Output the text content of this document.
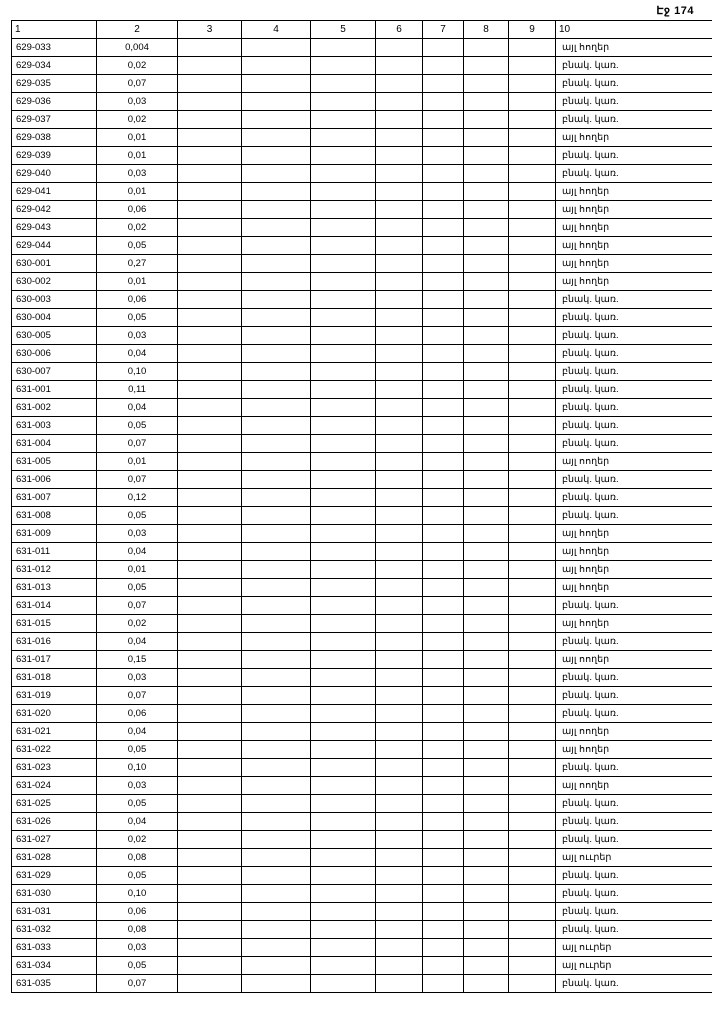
Էջ 174
1	2	3	4	5	6	7	8	9	10
629-033	0,004								այլ հողեր
629-034	0,02								բնակ. կառ.
629-035	0,07								բնակ. կառ.
629-036	0,03								բնակ. կառ.
629-037	0,02								բնակ. կառ.
629-038	0,01								այլ հողեր
629-039	0,01								բնակ. կառ.
629-040	0,03								բնակ. կառ.
629-041	0,01								այլ հողեր
629-042	0,06								այլ հողեր
629-043	0,02								այլ հողեր
629-044	0,05								այլ հողեր
630-001	0,27								այլ հողեր
630-002	0,01								այլ հողեր
630-003	0,06								բնակ. կառ.
630-004	0,05								բնակ. կառ.
630-005	0,03								բնակ. կառ.
630-006	0,04								բնակ. կառ.
630-007	0,10								բնակ. կառ.
631-001	0,11								բնակ. կառ.
631-002	0,04								բնակ. կառ.
631-003	0,05								բնակ. կառ.
631-004	0,07								բնակ. կառ.
631-005	0,01								այլ ոողեր
631-006	0,07								բնակ. կառ.
631-007	0,12								բնակ. կառ.
631-008	0,05								բնակ. կառ.
631-009	0,03								այլ հողեր
631-011	0,04								այլ հողեր
631-012	0,01								այլ հողեր
631-013	0,05								այլ հողեր
631-014	0,07								բնակ. կառ.
631-015	0,02								այլ հողեր
631-016	0,04								բնակ. կառ.
631-017	0,15								այլ ոողեր
631-018	0,03								բնակ. կառ.
631-019	0,07								բնակ. կառ.
631-020	0,06								բնակ. կառ.
631-021	0,04								այլ ոողեր
631-022	0,05								այլ հողեր
631-023	0,10								բնակ. կառ.
631-024	0,03								այլ ոողեր
631-025	0,05								բնակ. կառ.
631-026	0,04								բնակ. կառ.
631-027	0,02								բնակ. կառ.
631-028	0,08								այլ ոււրեր
631-029	0,05								բնակ. կառ.
631-030	0,10								բնակ. կառ.
631-031	0,06								բնակ. կառ.
631-032	0,08								բնակ. կառ.
631-033	0,03								այլ ոււրեր
631-034	0,05								այլ ոււրեր
631-035	0,07								բնակ. կառ.
